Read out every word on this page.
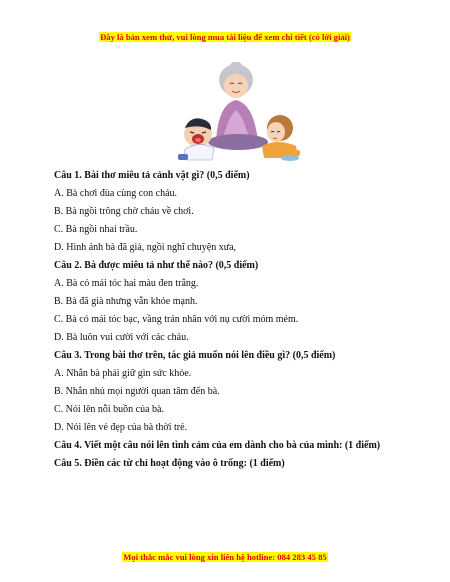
Đây là bản xem thử, vui lòng mua tài liệu để xem chi tiết (có lời giải)

Câu 1. Bài thơ miêu tả cảnh vật gì? (0,5 điểm)

A. Bà chơi đùa cùng con cháu.

B. Bà ngồi trông chờ cháu về chơi.

C. Bà ngồi nhai trầu.

D. Hình ảnh bà đã già, ngồi nghĩ chuyện xưa,

Câu 2. Bà được miêu tả như thế nào? (0,5 điểm)

A. Bà có mái tóc hai màu đen trắng.

B. Bà đã già nhưng vẫn khỏe mạnh.

C. Bà có mái tóc bạc, vầng trán nhăn với nụ cười móm mém.

D. Bà luôn vui cười với các cháu.

Câu 3. Trong bài thơ trên, tác giả muốn nói lên điều gì? (0,5 điểm)

A. Nhắn bà phải giữ gìn sức khỏe.

B. Nhắn nhủ mọi người quan tâm đến bà.

C. Nói lên nỗi buồn của bà.

D. Nói lên vẻ đẹp của bà thời trẻ.

Câu 4. Viết một câu nói lên tình cảm của em dành cho bà của mình: (1 điểm)

Câu 5. Điền các từ chỉ hoạt động vào ô trống: (1 điểm)

Mọi thắc mắc vui lòng xin liên hệ hotline: 084 283 45 85
